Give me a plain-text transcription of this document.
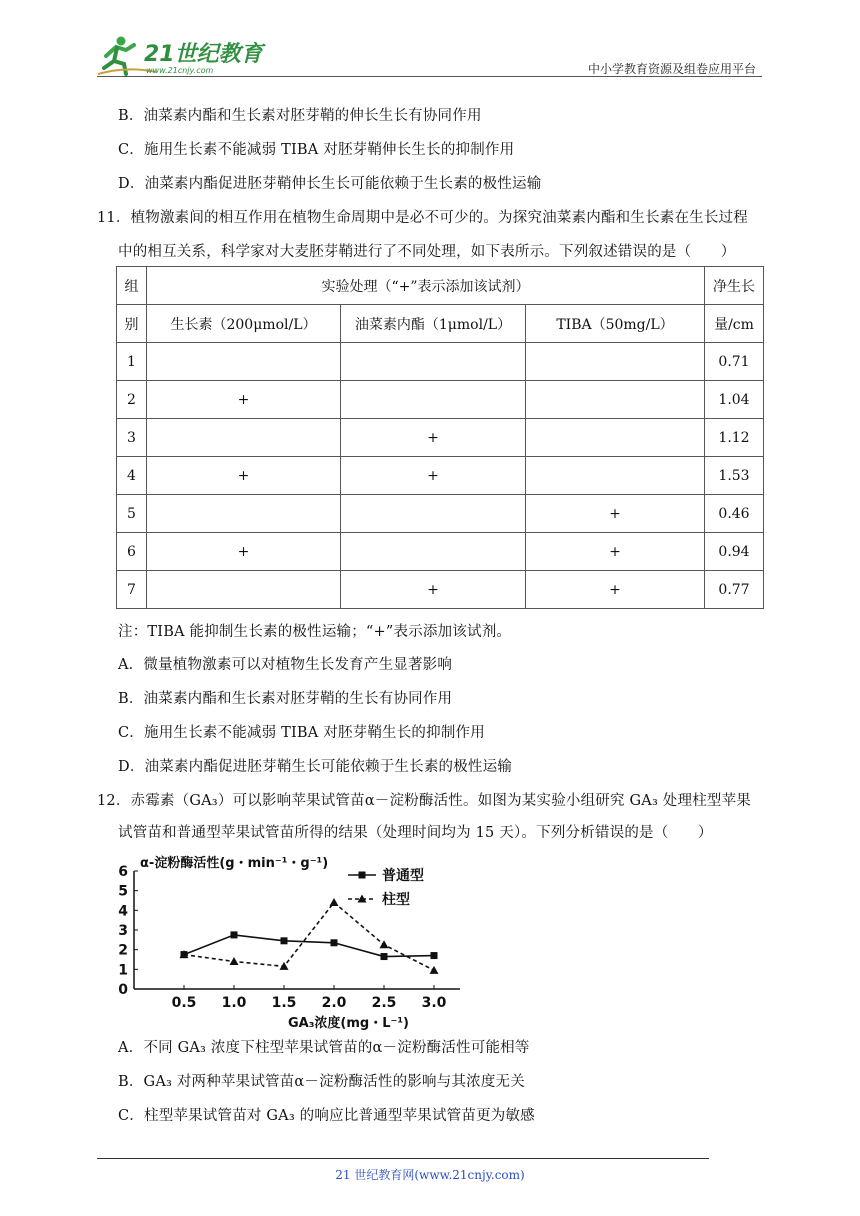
21世纪教育
www.21cnjy.com	中小学教育资源及组卷应用平台
B．油菜素内酯和生长素对胚芽鞘的伸长生长有协同作用
C．施用生长素不能减弱 TIBA 对胚芽鞘伸长生长的抑制作用
D．油菜素内酯促进胚芽鞘伸长生长可能依赖于生长素的极性运输
11．植物激素间的相互作用在植物生命周期中是必不可少的。为探究油菜素内酯和生长素在生长过程
中的相互关系，科学家对大麦胚芽鞘进行了不同处理，如下表所示。下列叙述错误的是（　　）
组	实验处理（“+”表示添加该试剂）			净生长
别	生长素（200μmol/L）	油菜素内酯（1μmol/L）	TIBA（50mg/L）	量/cm
1				0.71
2	+			1.04
3		+		1.12
4	+	+		1.53
5			+	0.46
6	+		+	0.94
7		+	+	0.77
注：TIBA 能抑制生长素的极性运输；“+”表示添加该试剂。
A．微量植物激素可以对植物生长发育产生显著影响
B．油菜素内酯和生长素对胚芽鞘的生长有协同作用
C．施用生长素不能减弱 TIBA 对胚芽鞘生长的抑制作用
D．油菜素内酯促进胚芽鞘生长可能依赖于生长素的极性运输
12．赤霉素（GA₃）可以影响苹果试管苗α－淀粉酶活性。如图为某实验小组研究 GA₃ 处理柱型苹果
试管苗和普通型苹果试管苗所得的结果（处理时间均为 15 天）。下列分析错误的是（　　）
0
1
2
3
4
5
6
0.5 1.0 1.5 2.0 2.5 3.0
普通型
柱型
α-淀粉酶活性(g・min⁻¹・g⁻¹)
GA₃浓度(mg・L⁻¹)
A．不同 GA₃ 浓度下柱型苹果试管苗的α－淀粉酶活性可能相等
B．GA₃ 对两种苹果试管苗α－淀粉酶活性的影响与其浓度无关
C．柱型苹果试管苗对 GA₃ 的响应比普通型苹果试管苗更为敏感
21 世纪教育网(www.21cnjy.com)
